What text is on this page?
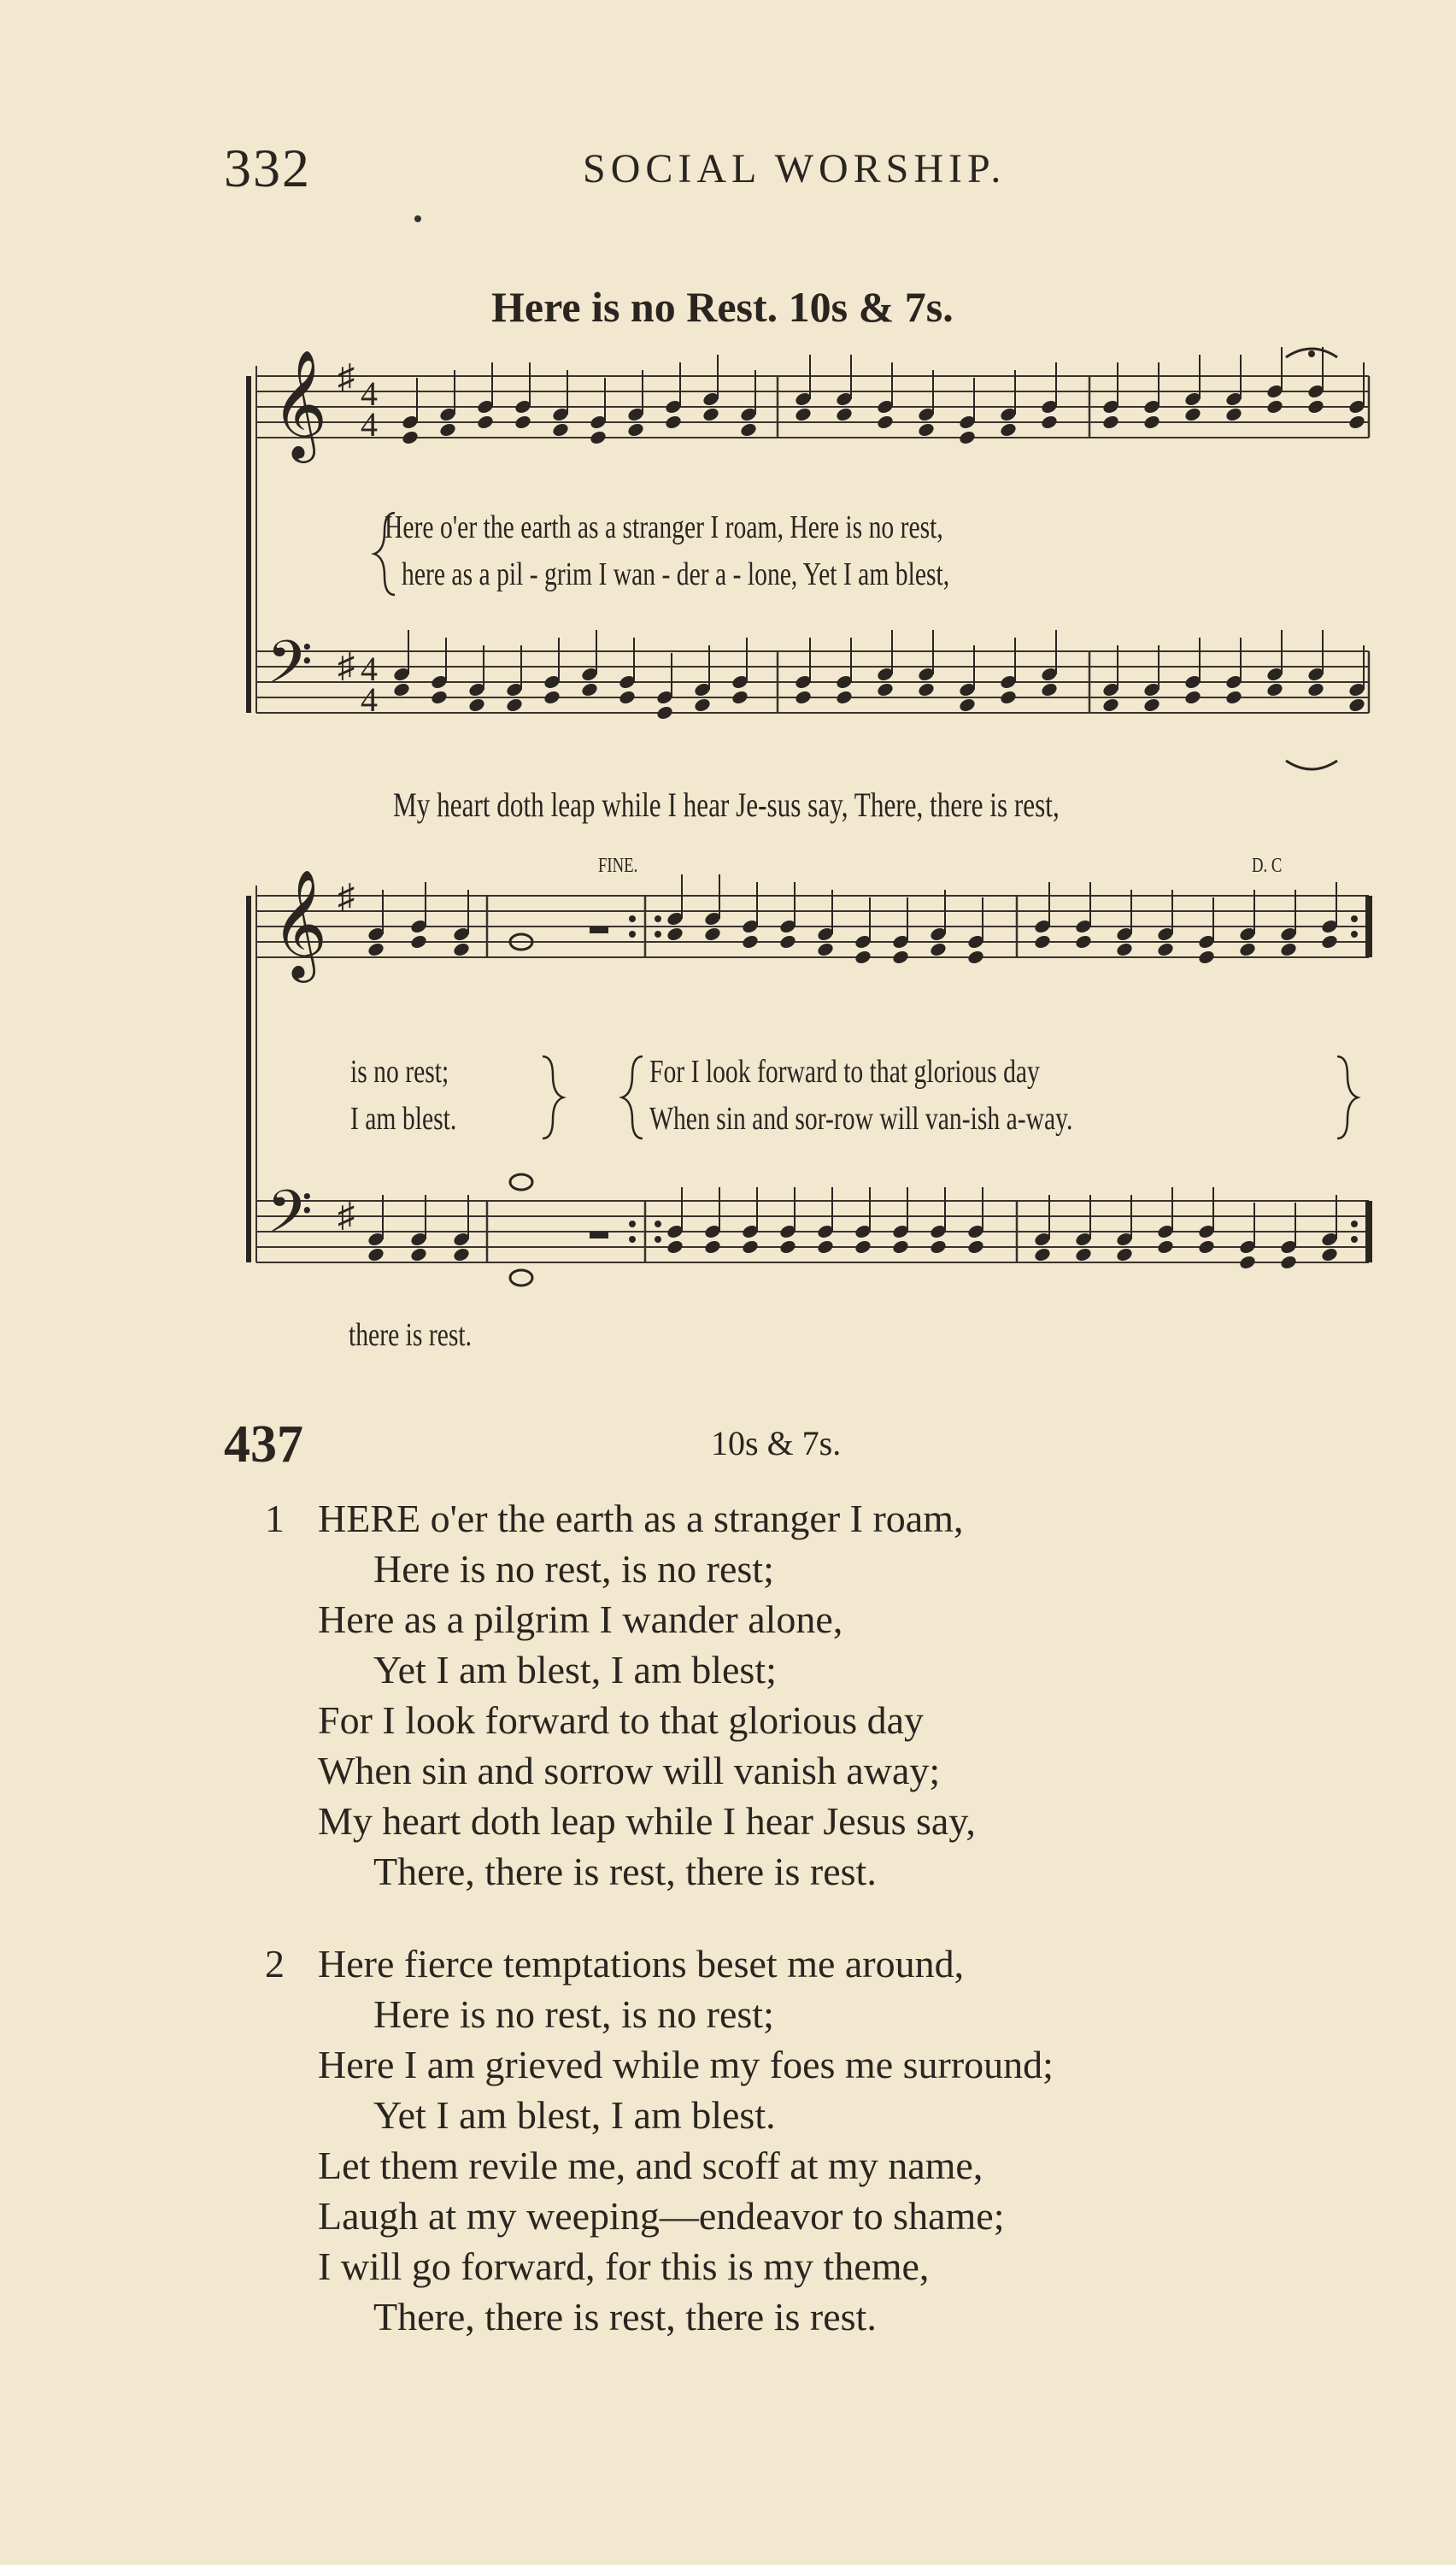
332	SOCIAL WORSHIP.
Here is no Rest. 10s & 7s.
𝄞
𝄞
𝄢
𝄢
♯ 4
4
♯ 4
4
♯
♯
Here o'er the earth as a stranger I roam, Here is no rest,
here as a pil - grim I wan - der a - lone, Yet I am blest,
My heart doth leap while I hear Je-sus say, There, there is rest,
is no rest;
I am blest.
For I look forward to that glorious day
When sin and sor-row will van-ish a-way.
there is rest.
FINE.	D. C
437	10s & 7s.
1 HERE o'er the earth as a stranger I roam,
Here is no rest, is no rest;
Here as a pilgrim I wander alone,
Yet I am blest, I am blest;
For I look forward to that glorious day
When sin and sorrow will vanish away;
My heart doth leap while I hear Jesus say,
There, there is rest, there is rest.
2 Here fierce temptations beset me around,
Here is no rest, is no rest;
Here I am grieved while my foes me surround;
Yet I am blest, I am blest.
Let them revile me, and scoff at my name,
Laugh at my weeping—endeavor to shame;
I will go forward, for this is my theme,
There, there is rest, there is rest.
